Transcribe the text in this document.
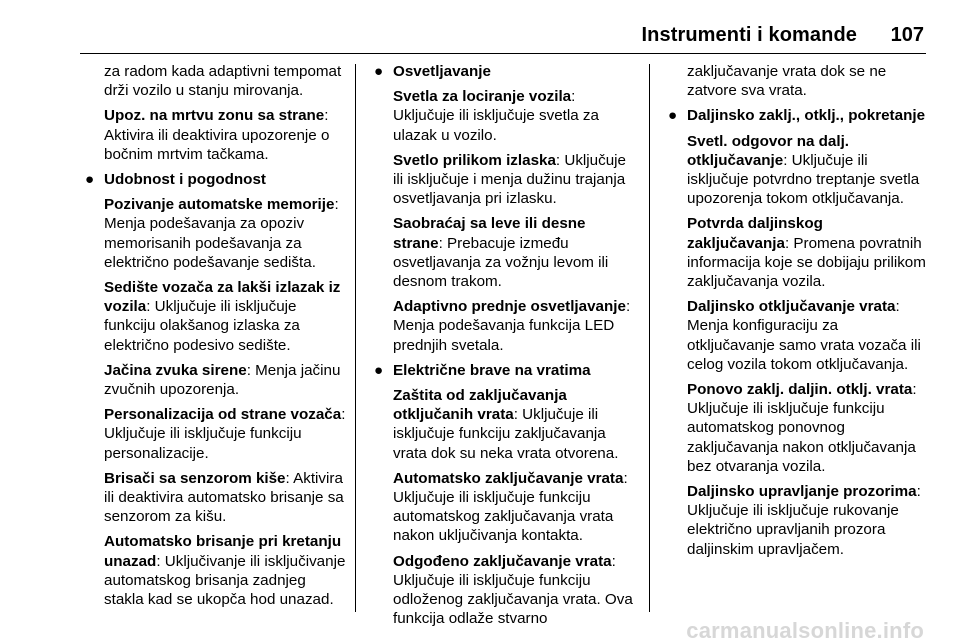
Instrumenti i komande 107
za radom kada adaptivni tempomat drži vozilo u stanju mirovanja.
Upoz. na mrtvu zonu sa strane: Aktivira ili deaktivira upozorenje o bočnim mrtvim tačkama.
● Udobnost i pogodnost
Pozivanje automatske memorije: Menja podešavanja za opoziv memorisanih podešavanja za električno podešavanje sedišta.
Sedište vozača za lakši izlazak iz vozila: Uključuje ili isključuje funkciju olakšanog izlaska za električno podesivo sedište.
Jačina zvuka sirene: Menja jačinu zvučnih upozorenja.
Personalizacija od strane vozača: Uključuje ili isključuje funkciju personalizacije.
Brisači sa senzorom kiše: Aktivira ili deaktivira automatsko brisanje sa senzorom za kišu.
Automatsko brisanje pri kretanju unazad: Uključivanje ili isključivanje automatskog brisanja zadnjeg stakla kad se ukopča hod unazad.
● Osvetljavanje
Svetla za lociranje vozila: Uključuje ili isključuje svetla za ulazak u vozilo.
Svetlo prilikom izlaska: Uključuje ili isključuje i menja dužinu trajanja osvetljavanja pri izlasku.
Saobraćaj sa leve ili desne strane: Prebacuje između osvetljavanja za vožnju levom ili desnom trakom.
Adaptivno prednje osvetljavanje: Menja podešavanja funkcija LED prednjih svetala.
● Električne brave na vratima
Zaštita od zaključavanja otključanih vrata: Uključuje ili isključuje funkciju zaključavanja vrata dok su neka vrata otvorena.
Automatsko zaključavanje vrata: Uključuje ili isključuje funkciju automatskog zaključavanja vrata nakon uključivanja kontakta.
Odgođeno zaključavanje vrata: Uključuje ili isključuje funkciju odloženog zaključavanja vrata. Ova funkcija odlaže stvarno
zaključavanje vrata dok se ne zatvore sva vrata.
● Daljinsko zaklj., otklj., pokretanje
Svetl. odgovor na dalj. otključavanje: Uključuje ili isključuje potvrdno treptanje svetla upozorenja tokom otključavanja.
Potvrda daljinskog zaključavanja: Promena povratnih informacija koje se dobijaju prilikom zaključavanja vozila.
Daljinsko otključavanje vrata: Menja konfiguraciju za otključavanje samo vrata vozača ili celog vozila tokom otključavanja.
Ponovo zaklj. daljin. otklj. vrata: Uključuje ili isključuje funkciju automatskog ponovnog zaključavanja nakon otključavanja bez otvaranja vozila.
Daljinsko upravljanje prozorima: Uključuje ili isključuje rukovanje električno upravljanih prozora daljinskim upravljačem.
carmanualsonline.info
